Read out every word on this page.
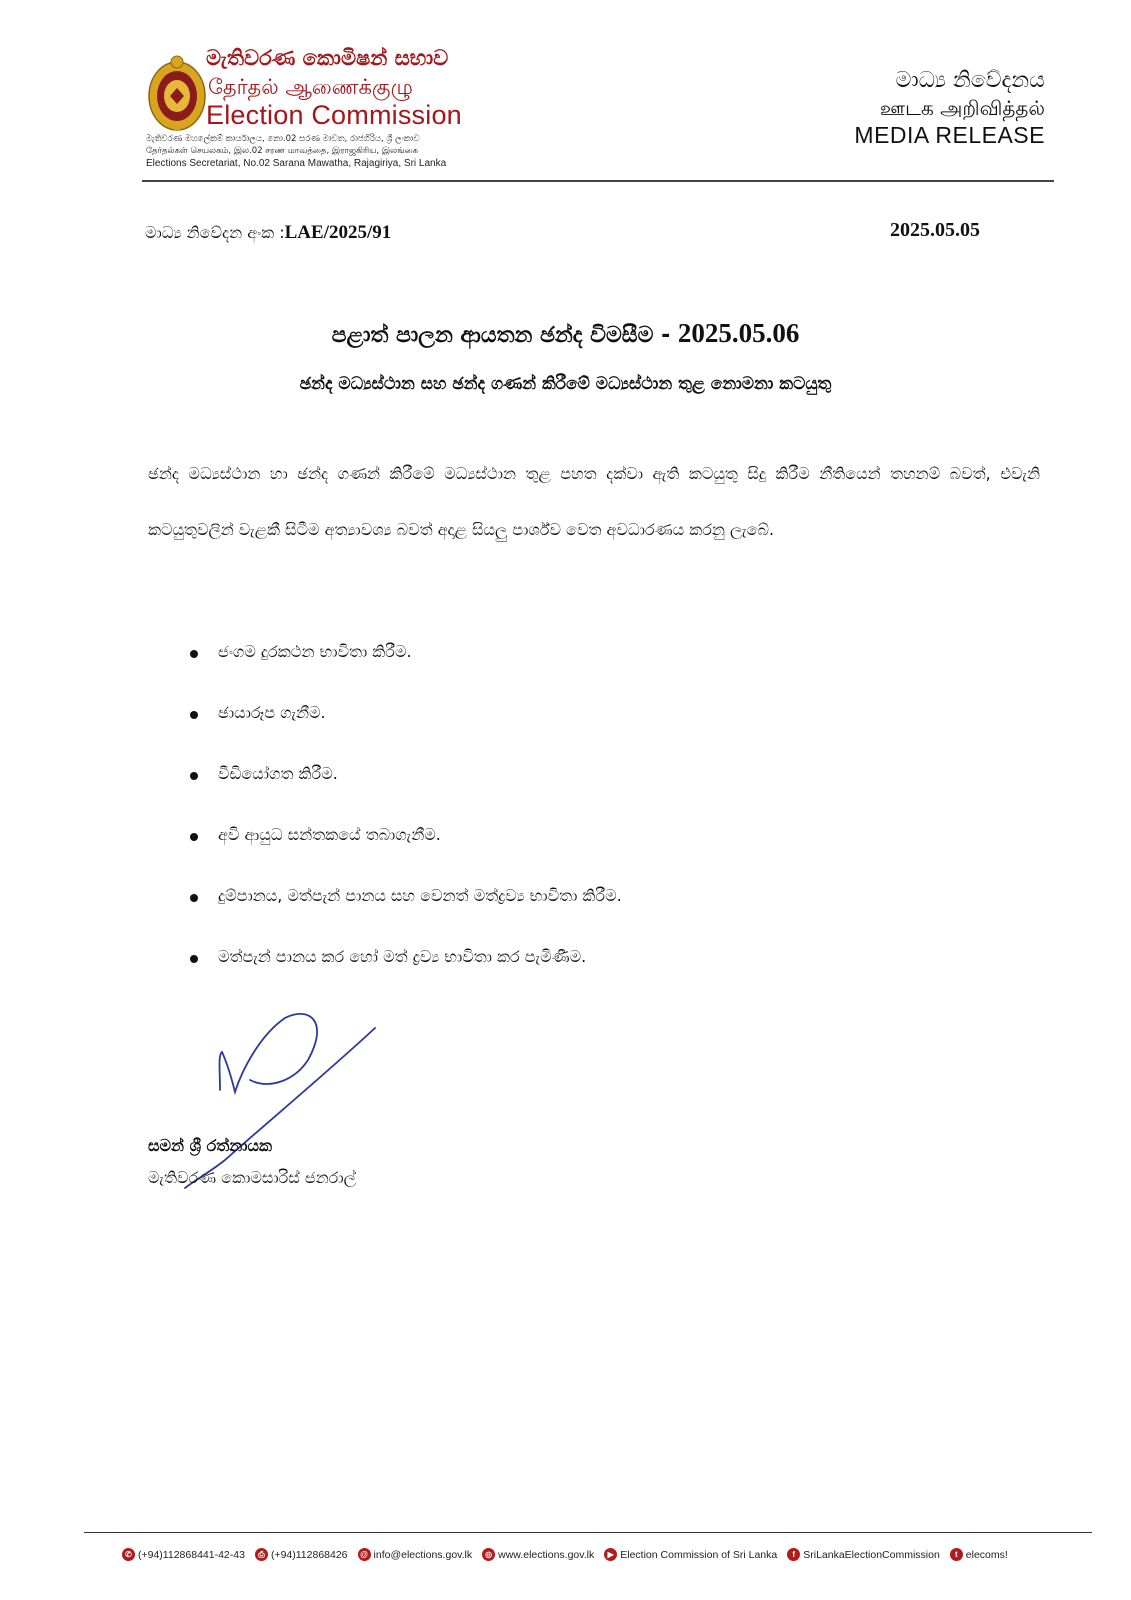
මැතිවරණ කොමිෂන් සභාව
தேர்தல் ஆணைக்குழு
Election Commission
මැතිවරණ මහලේකම් කාර්යාලය, නො.02 සරණ මාවත, රාජගිරිය, ශ්‍රී ලංකාව
தேர்தல்கள் செயலகம், இல.02 சரண மாவத்தை, இராஜகிரிய, இலங்கை
Elections Secretariat, No.02 Sarana Mawatha, Rajagiriya, Sri Lanka
මාධ්‍ය නිවේදනය
ஊடக அறிவித்தல்
MEDIA RELEASE
මාධ්‍ය නිවේදන අංක :LAE/2025/91	2025.05.05
පළාත් පාලන ආයතන ඡන්ද විමසීම - 2025.05.06
ඡන්ද මධ්‍යස්ථාන සහ ඡන්ද ගණන් කිරීමේ මධ්‍යස්ථාන තුළ නොමනා කටයුතු
ඡන්ද මධ්‍යස්ථාන හා ඡන්ද ගණන් කිරීමේ මධ්‍යස්ථාන තුළ පහත දක්වා ඇති කටයුතු සිදු කිරීම නීතියෙන් තහනම් බවත්, එවැනි කටයුතුවලින් වැළකී සිටීම අත්‍යාවශ්‍ය බවත් අදාළ සියලු පාර්ශ්ව වෙත අවධාරණය කරනු ලැබේ.
ජංගම දුරකථන භාවිතා කිරීම.
ඡායාරූප ගැනීම.
වීඩියෝගත කිරීම.
අවි ආයුධ සන්තකයේ තබාගැනීම.
දුම්පානය, මත්පැන් පානය සහ වෙනත් මත්ද්‍රව්‍ය භාවිතා කිරීම.
මත්පැන් පානය කර හෝ මත් ද්‍රව්‍ය භාවිතා කර පැමිණීම.
සමන් ශ්‍රී රත්නායක
මැතිවරණ කොමසාරිස් ජනරාල්
✆ (+94)112868441-42-43	⎙ (+94)112868426	@ info@elections.gov.lk	◎ www.elections.gov.lk	▶ Election Commission of Sri Lanka	f SriLankaElectionCommission	t elecoms!
